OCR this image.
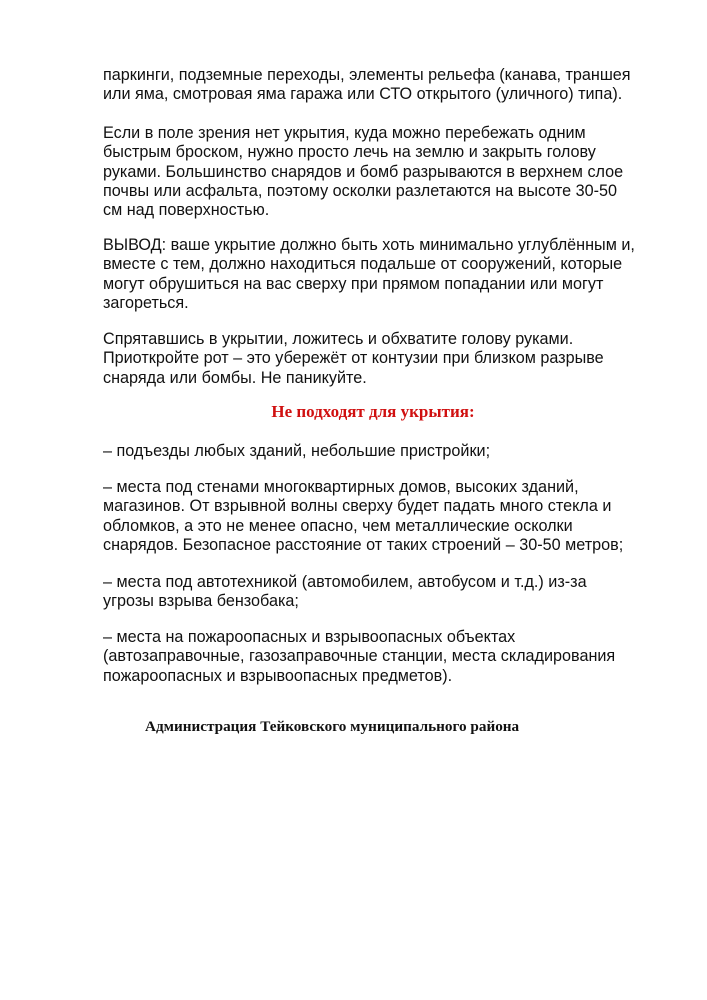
паркинги, подземные переходы, элементы рельефа (канава, траншея
или яма, смотровая яма гаража или СТО открытого (уличного) типа).

Если в поле зрения нет укрытия, куда можно перебежать одним
быстрым броском, нужно просто лечь на землю и закрыть голову
руками. Большинство снарядов и бомб разрываются в верхнем слое
почвы или асфальта, поэтому осколки разлетаются на высоте 30-50
см над поверхностью.

ВЫВОД: ваше укрытие должно быть хоть минимально углублённым и,
вместе с тем, должно находиться подальше от сооружений, которые
могут обрушиться на вас сверху при прямом попадании или могут
загореться.

Спрятавшись в укрытии, ложитесь и обхватите голову руками.
Приоткройте рот – это убережёт от контузии при близком разрыве
снаряда или бомбы. Не паникуйте.

Не подходят для укрытия:

– подъезды любых зданий, небольшие пристройки;

– места под стенами многоквартирных домов, высоких зданий,
магазинов. От взрывной волны сверху будет падать много стекла и
обломков, а это не менее опасно, чем металлические осколки
снарядов. Безопасное расстояние от таких строений – 30-50 метров;

– места под автотехникой (автомобилем, автобусом и т.д.) из-за
угрозы взрыва бензобака;

– места на пожароопасных и взрывоопасных объектах
(автозаправочные, газозаправочные станции, места складирования
пожароопасных и взрывоопасных предметов).

Администрация Тейковского муниципального района
